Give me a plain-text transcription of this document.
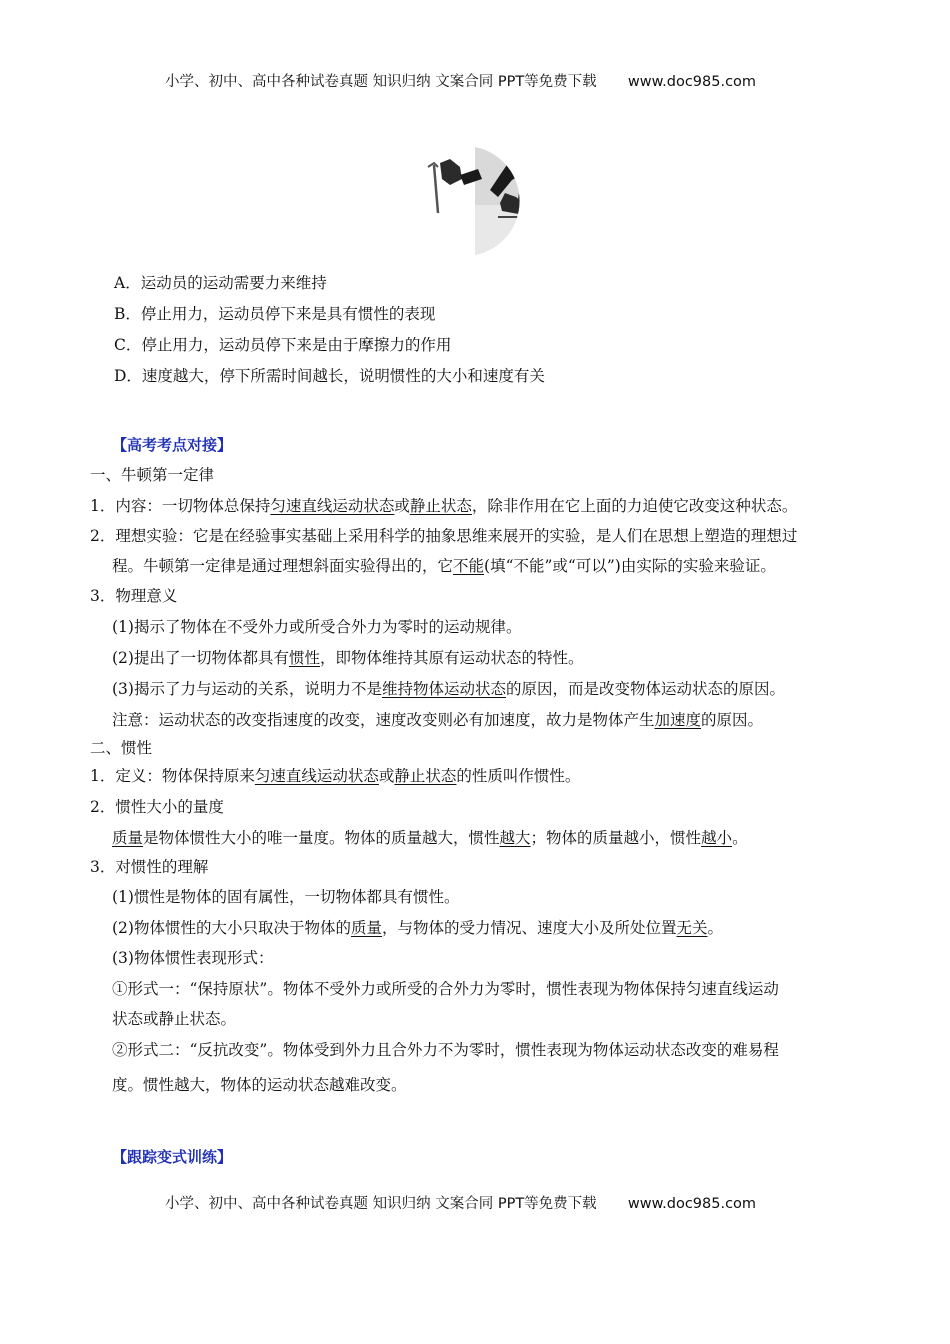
小学、初中、高中各种试卷真题 知识归纳 文案合同 PPT等免费下载 www.doc985.com
A．运动员的运动需要力来维持
B．停止用力，运动员停下来是具有惯性的表现
C．停止用力，运动员停下来是由于摩擦力的作用
D．速度越大，停下所需时间越长，说明惯性的大小和速度有关
【高考考点对接】
一、牛顿第一定律
1．内容：一切物体总保持匀速直线运动状态或静止状态，除非作用在它上面的力迫使它改变这种状态。
2．理想实验：它是在经验事实基础上采用科学的抽象思维来展开的实验，是人们在思想上塑造的理想过
程。牛顿第一定律是通过理想斜面实验得出的，它不能(填“不能”或“可以”)由实际的实验来验证。
3．物理意义
(1)揭示了物体在不受外力或所受合外力为零时的运动规律。
(2)提出了一切物体都具有惯性，即物体维持其原有运动状态的特性。
(3)揭示了力与运动的关系，说明力不是维持物体运动状态的原因，而是改变物体运动状态的原因。
注意：运动状态的改变指速度的改变，速度改变则必有加速度，故力是物体产生加速度的原因。
二、惯性
1．定义：物体保持原来匀速直线运动状态或静止状态的性质叫作惯性。
2．惯性大小的量度
质量是物体惯性大小的唯一量度。物体的质量越大，惯性越大；物体的质量越小，惯性越小。
3．对惯性的理解
(1)惯性是物体的固有属性，一切物体都具有惯性。
(2)物体惯性的大小只取决于物体的质量，与物体的受力情况、速度大小及所处位置无关。
(3)物体惯性表现形式：
①形式一：“保持原状”。物体不受外力或所受的合外力为零时，惯性表现为物体保持匀速直线运动
状态或静止状态。
②形式二：“反抗改变”。物体受到外力且合外力不为零时，惯性表现为物体运动状态改变的难易程
度。惯性越大，物体的运动状态越难改变。
【跟踪变式训练】
小学、初中、高中各种试卷真题 知识归纳 文案合同 PPT等免费下载 www.doc985.com
